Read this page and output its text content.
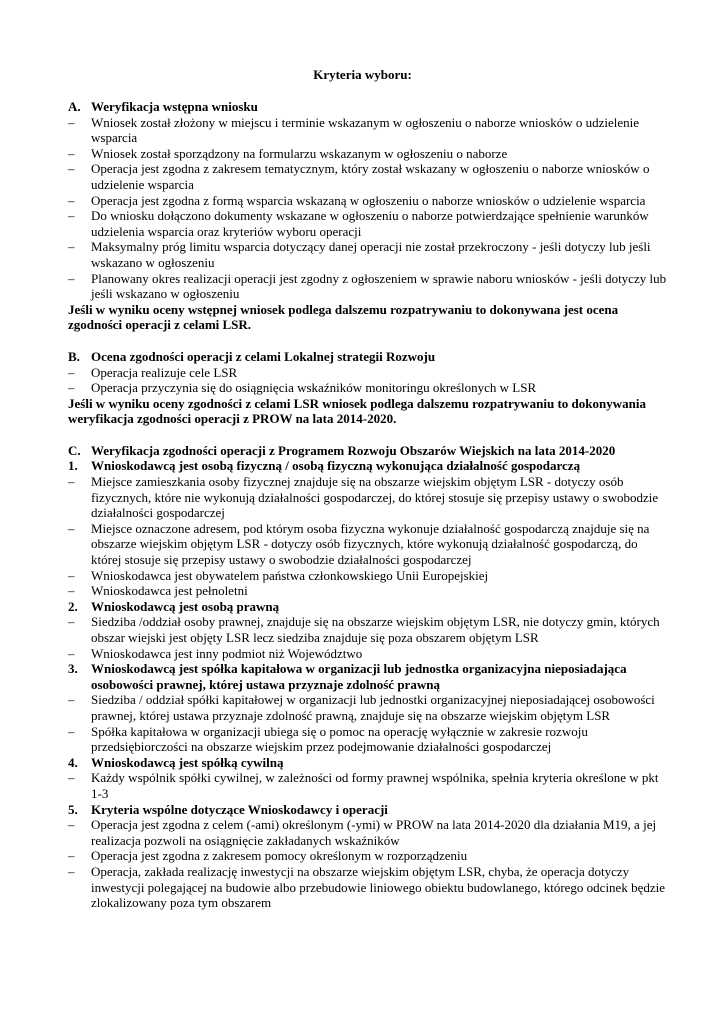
Kryteria wyboru:
A. Weryfikacja wstępna wniosku
– Wniosek został złożony w miejscu i terminie wskazanym w ogłoszeniu o naborze wniosków o udzielenie wsparcia
– Wniosek został sporządzony na formularzu wskazanym w ogłoszeniu o naborze
– Operacja jest zgodna z zakresem tematycznym, który został wskazany w ogłoszeniu o naborze wniosków o udzielenie wsparcia
– Operacja jest zgodna z formą wsparcia wskazaną w ogłoszeniu o naborze wniosków o udzielenie wsparcia
– Do wniosku dołączono dokumenty wskazane w ogłoszeniu o naborze potwierdzające spełnienie warunków udzielenia wsparcia oraz kryteriów wyboru operacji
– Maksymalny próg limitu wsparcia dotyczący danej operacji nie został przekroczony - jeśli dotyczy lub jeśli wskazano w ogłoszeniu
– Planowany okres realizacji operacji jest zgodny z ogłoszeniem w sprawie naboru wniosków - jeśli dotyczy lub jeśli wskazano w ogłoszeniu
Jeśli w wyniku oceny wstępnej wniosek podlega dalszemu rozpatrywaniu to dokonywana jest ocena zgodności operacji z celami LSR.
B. Ocena zgodności operacji z celami Lokalnej strategii Rozwoju
– Operacja realizuje cele LSR
– Operacja przyczynia się do osiągnięcia wskaźników monitoringu określonych w LSR
Jeśli w wyniku oceny zgodności z celami LSR wniosek podlega dalszemu rozpatrywaniu to dokonywania weryfikacja zgodności operacji z PROW na lata 2014-2020.
C. Weryfikacja zgodności operacji z Programem Rozwoju Obszarów Wiejskich na lata 2014-2020
1. Wnioskodawcą jest osobą fizyczną / osobą fizyczną wykonująca działalność gospodarczą
– Miejsce zamieszkania osoby fizycznej znajduje się na obszarze wiejskim objętym LSR - dotyczy osób fizycznych, które nie wykonują działalności gospodarczej, do której stosuje się przepisy ustawy o swobodzie działalności gospodarczej
– Miejsce oznaczone adresem, pod którym osoba fizyczna wykonuje działalność gospodarczą znajduje się na obszarze wiejskim objętym LSR - dotyczy osób fizycznych, które wykonują działalność gospodarczą, do której stosuje się przepisy ustawy o swobodzie działalności gospodarczej
– Wnioskodawca jest obywatelem państwa członkowskiego Unii Europejskiej
– Wnioskodawca jest pełnoletni
2. Wnioskodawcą jest osobą prawną
– Siedziba /oddział osoby prawnej, znajduje się na obszarze wiejskim objętym LSR, nie dotyczy gmin, których obszar wiejski jest objęty LSR lecz siedziba znajduje się poza obszarem objętym LSR
– Wnioskodawca jest inny podmiot niż Województwo
3. Wnioskodawcą jest spółka kapitałowa w organizacji lub jednostka organizacyjna nieposiadająca osobowości prawnej, której ustawa przyznaje zdolność prawną
– Siedziba / oddział spółki kapitałowej w organizacji lub jednostki organizacyjnej nieposiadającej osobowości prawnej, której ustawa przyznaje zdolność prawną, znajduje się na obszarze wiejskim objętym LSR
– Spółka kapitałowa w organizacji ubiega się o pomoc na operację wyłącznie w zakresie rozwoju przedsiębiorczości na obszarze wiejskim przez podejmowanie działalności gospodarczej
4. Wnioskodawcą jest spółką cywilną
– Każdy wspólnik spółki cywilnej, w zależności od formy prawnej wspólnika, spełnia kryteria określone w pkt 1-3
5. Kryteria wspólne dotyczące Wnioskodawcy i operacji
– Operacja jest zgodna z celem (-ami) określonym (-ymi) w PROW na lata 2014-2020 dla działania M19, a jej realizacja pozwoli na osiągnięcie zakładanych wskaźników
– Operacja jest zgodna z zakresem pomocy określonym w rozporządzeniu
– Operacja, zakłada realizację inwestycji na obszarze wiejskim objętym LSR, chyba, że operacja dotyczy inwestycji polegającej na budowie albo przebudowie liniowego obiektu budowlanego, którego odcinek będzie zlokalizowany poza tym obszarem
